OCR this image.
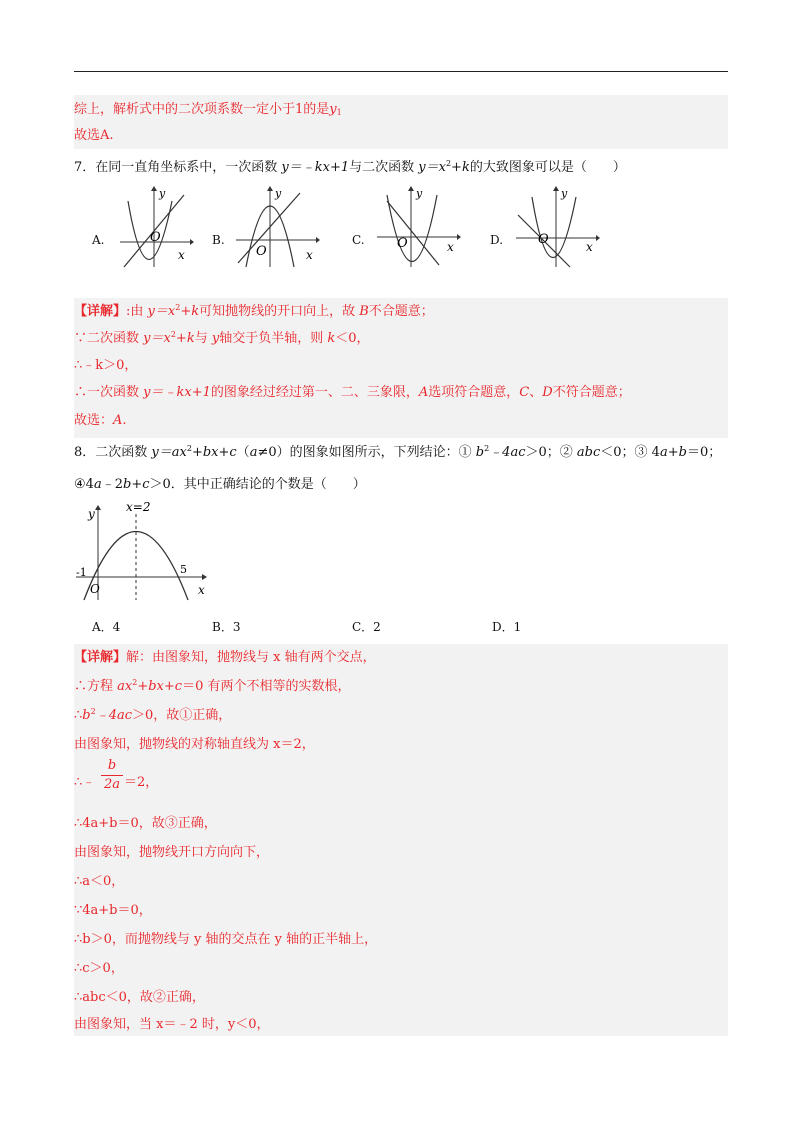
综上，解析式中的二次项系数一定小于1的是$y_1$
故选A.
7．在同一直角坐标系中，一次函数 y＝﹣kx+1与二次函数 $y=x^2+k$的大致图象可以是（　　）
A.	B.	C.	D.
y
x
O
y
x
O
y
x
O
y
x
O
【详解】:由 $y=x^2+k$可知抛物线的开口向上，故 B不合题意；
∵二次函数 $y=x^2+k$与 y轴交于负半轴，则 k＜0，
∴﹣k＞0，
∴一次函数 y＝﹣kx+1的图象经过经过第一、二、三象限，A选项符合题意，C、D不符合题意；
故选：A.
8．二次函数 $y=ax^2+bx+c(a\ne 0)$的图象如图所示，下列结论：① $b^2﹣4ac>0$；② abc＜0；③ 4a+b＝0；
④4a﹣2b+c＞0．其中正确结论的个数是（　　）
x=2
y
x
O
-1	5
A．4	B．3	C．2	D．1
【详解】解：由图象知，抛物线与 x 轴有两个交点，
∴方程 $ax^2+bx+c=0$ 有两个不相等的实数根，
$\therefore b^2﹣4ac>0$，故①正确，
由图象知，抛物线的对称轴直线为 x＝2，
∴﹣
b
2a ＝2，
∴4a+b＝0，故③正确，
由图象知，抛物线开口方向向下，
∴a＜0，
∵4a+b＝0，
∴b＞0，而抛物线与 y 轴的交点在 y 轴的正半轴上，
∴c＞0，
∴abc＜0，故②正确，
由图象知，当 x＝﹣2 时，y＜0，
